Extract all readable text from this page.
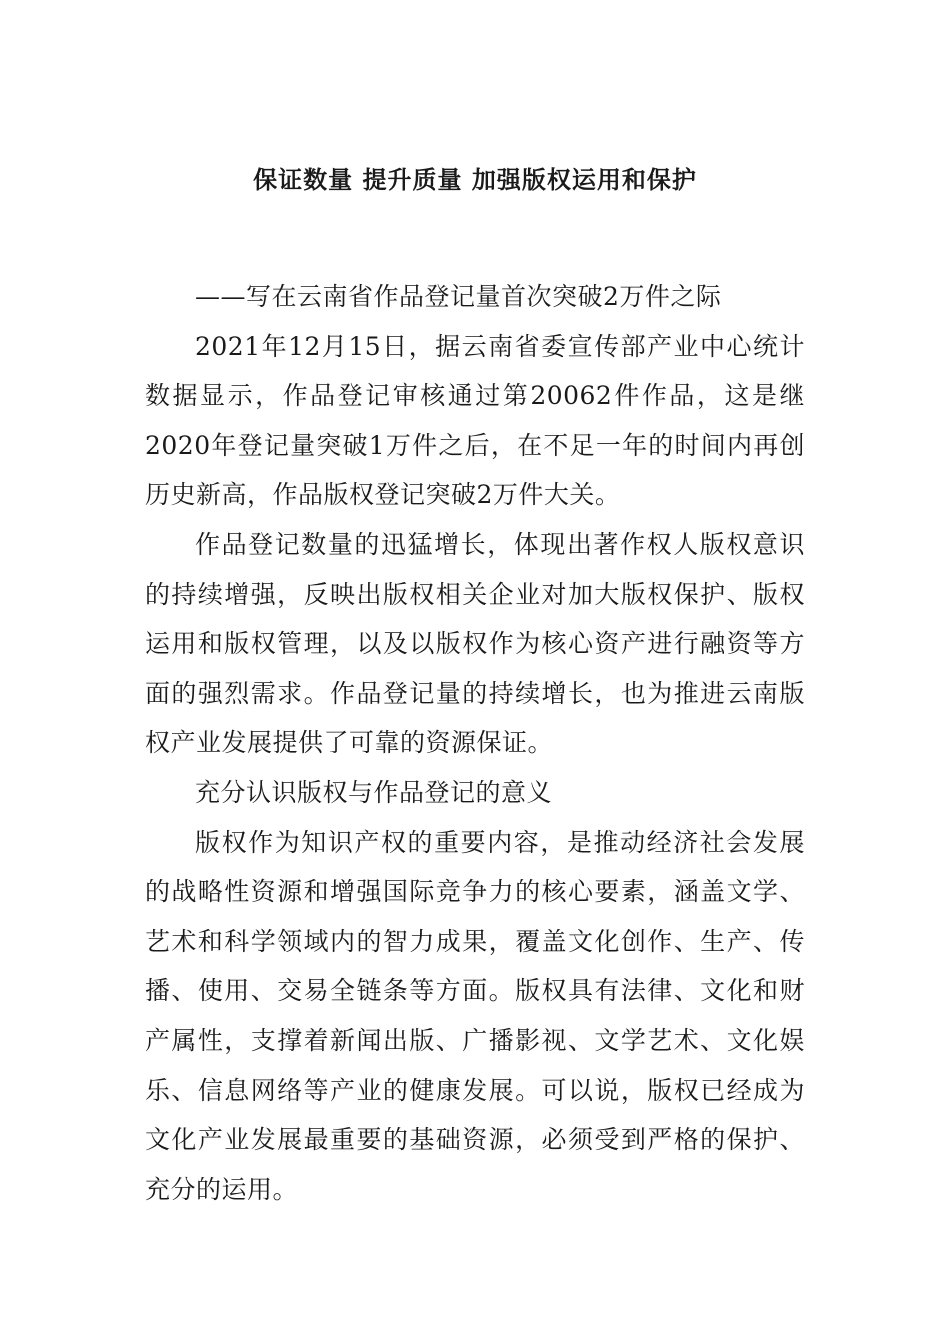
保证数量 提升质量 加强版权运用和保护

——写在云南省作品登记量首次突破2万件之际

2021年12月15日，据云南省委宣传部产业中心统计数据显示，作品登记审核通过第20062件作品，这是继2020年登记量突破1万件之后，在不足一年的时间内再创历史新高，作品版权登记突破2万件大关。

作品登记数量的迅猛增长，体现出著作权人版权意识的持续增强，反映出版权相关企业对加大版权保护、版权运用和版权管理，以及以版权作为核心资产进行融资等方面的强烈需求。作品登记量的持续增长，也为推进云南版权产业发展提供了可靠的资源保证。

充分认识版权与作品登记的意义

版权作为知识产权的重要内容，是推动经济社会发展的战略性资源和增强国际竞争力的核心要素，涵盖文学、艺术和科学领域内的智力成果，覆盖文化创作、生产、传播、使用、交易全链条等方面。版权具有法律、文化和财产属性，支撑着新闻出版、广播影视、文学艺术、文化娱乐、信息网络等产业的健康发展。可以说，版权已经成为文化产业发展最重要的基础资源，必须受到严格的保护、充分的运用。
